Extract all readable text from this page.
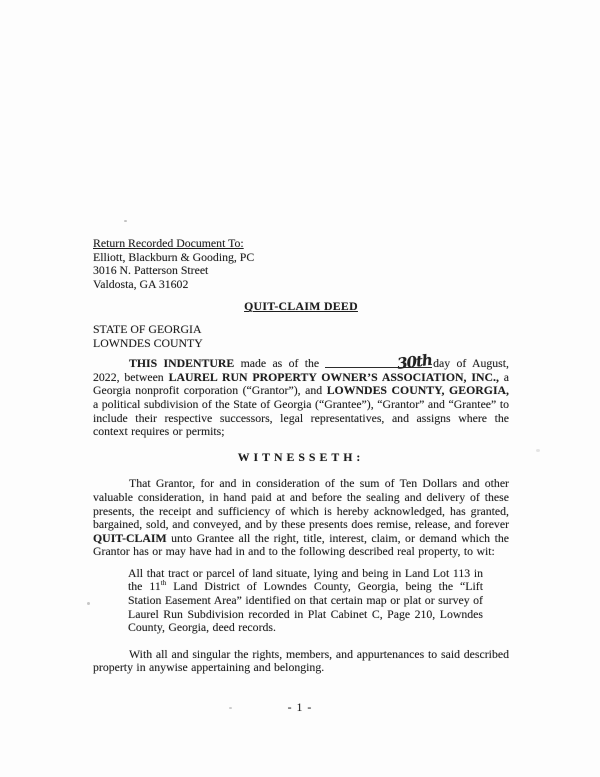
Return Recorded Document To:
Elliott, Blackburn & Gooding, PC
3016 N. Patterson Street
Valdosta, GA 31602
QUIT-CLAIM DEED
STATE OF GEORGIA
LOWNDES COUNTY

THIS INDENTURE made as of the	30thday of August, 2022, between LAUREL RUN PROPERTY OWNER’S ASSOCIATION, INC., a Georgia nonprofit corporation (“Grantor”), and LOWNDES COUNTY, GEORGIA, a political subdivision of the State of Georgia (“Grantee”), “Grantor” and “Grantee” to include their respective successors, legal representatives, and assigns where the context requires or permits;

WITNESSETH:

That Grantor, for and in consideration of the sum of Ten Dollars and other valuable consideration, in hand paid at and before the sealing and delivery of these presents, the receipt and sufficiency of which is hereby acknowledged, has granted, bargained, sold, and conveyed, and by these presents does remise, release, and forever QUIT-CLAIM unto Grantee all the right, title, interest, claim, or demand which the Grantor has or may have had in and to the following described real property, to wit:

All that tract or parcel of land situate, lying and being in Land Lot 113 in the 11th Land District of Lowndes County, Georgia, being the “Lift Station Easement Area” identified on that certain map or plat or survey of Laurel Run Subdivision recorded in Plat Cabinet C, Page 210, Lowndes County, Georgia, deed records.

With all and singular the rights, members, and appurtenances to said described property in anywise appertaining and belonging.

- 1 -
